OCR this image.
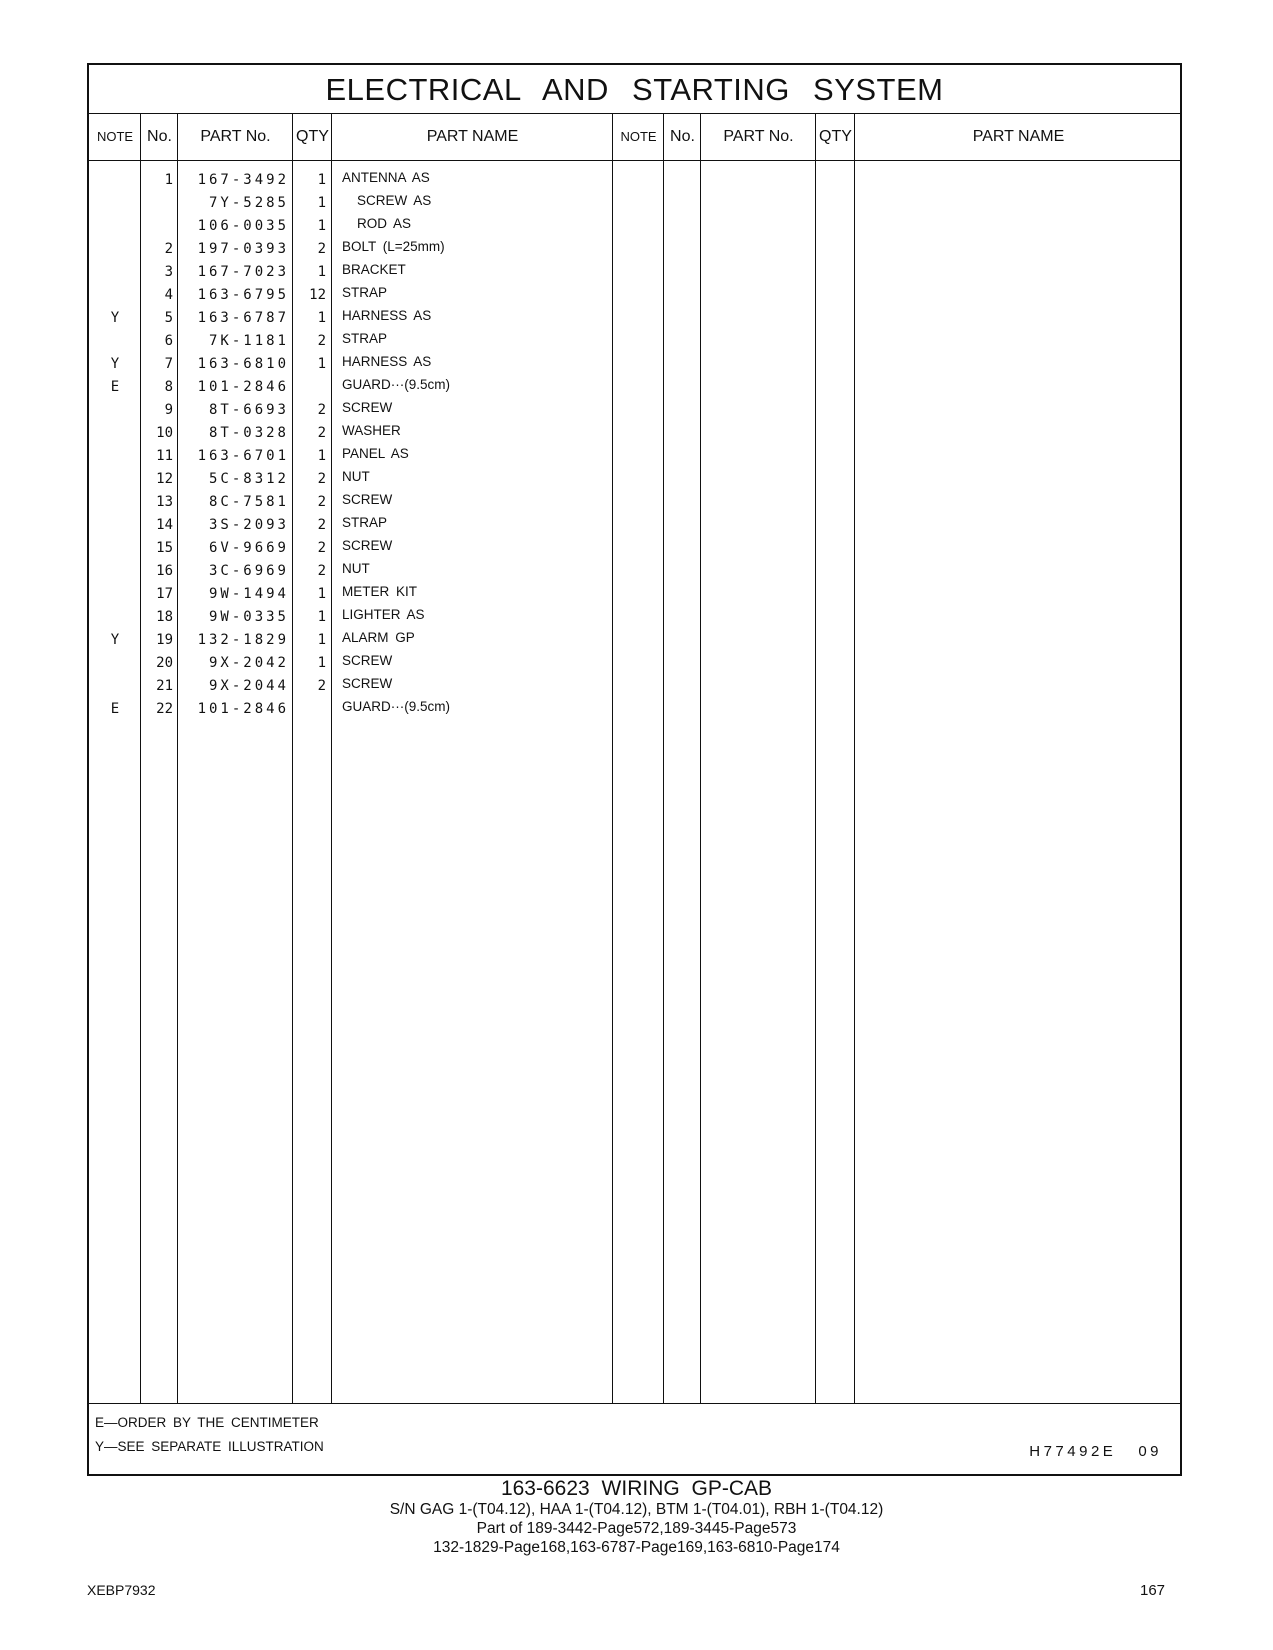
ELECTRICAL AND STARTING SYSTEM
NOTE No.	PART No.	QTY	PART NAME	NOTE No.	PART No.	QTY	PART NAME
1	167-3492	1 ANTENNA AS
7Y-5285	1 SCREW AS
106-0035	1 ROD AS
2	197-0393	2 BOLT (L=25mm)
3	167-7023	1 BRACKET
4	163-6795	12 STRAP
Y	5	163-6787	1 HARNESS AS
6	7K-1181	2 STRAP
Y	7	163-6810	1 HARNESS AS
E	8	101-2846	GUARD···(9.5cm)
9	8T-6693	2 SCREW
10	8T-0328	2 WASHER
11	163-6701	1 PANEL AS
12	5C-8312	2 NUT
13	8C-7581	2 SCREW
14	3S-2093	2 STRAP
15	6V-9669	2 SCREW
16	3C-6969	2 NUT
17	9W-1494	1 METER KIT
18	9W-0335	1 LIGHTER AS
Y	19	132-1829	1 ALARM GP
20	9X-2042	1 SCREW
21	9X-2044	2 SCREW
E	22	101-2846	GUARD···(9.5cm)
E—ORDER BY THE CENTIMETER
Y—SEE SEPARATE ILLUSTRATION	H77492E 09
163-6623 WIRING GP-CAB
S/N GAG 1-(T04.12), HAA 1-(T04.12), BTM 1-(T04.01), RBH 1-(T04.12)
Part of 189-3442-Page572,189-3445-Page573
132-1829-Page168,163-6787-Page169,163-6810-Page174
XEBP7932	167
